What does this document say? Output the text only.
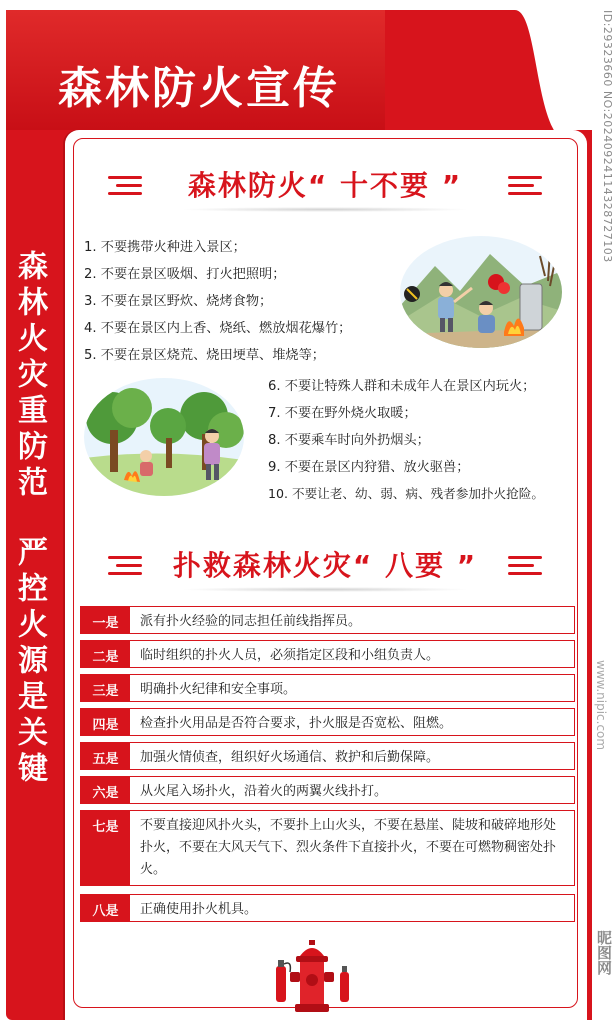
森林防火宣传
森林火灾重防范
严控火源是关键
ID:29323660 NO:20240924114328727103
www.nipic.com
昵图网
森林防火“ 十不要 ”
1. 不要携带火种进入景区；
2. 不要在景区吸烟、打火把照明；
3. 不要在景区野炊、烧烤食物；
4. 不要在景区内上香、烧纸、燃放烟花爆竹；
5. 不要在景区烧荒、烧田埂草、堆烧等；
6. 不要让特殊人群和未成年人在景区内玩火；
7. 不要在野外烧火取暖；
8. 不要乘车时向外扔烟头；
9. 不要在景区内狩猎、放火驱兽；
10. 不要让老、幼、弱、病、残者参加扑火抢险。
扑救森林火灾“ 八要 ”
一是	派有扑火经验的同志担任前线指挥员。
二是	临时组织的扑火人员，必须指定区段和小组负责人。
三是	明确扑火纪律和安全事项。
四是	检查扑火用品是否符合要求，扑火服是否宽松、阻燃。
五是	加强火情侦查，组织好火场通信、救护和后勤保障。
六是	从火尾入场扑火，沿着火的两翼火线扑打。
七是	不要直接迎风扑火头，不要扑上山火头，不要在悬崖、陡坡和破碎地形处扑火，不要在大风天气下、烈火条件下直接扑火，不要在可燃物稠密处扑火。
八是	正确使用扑火机具。
